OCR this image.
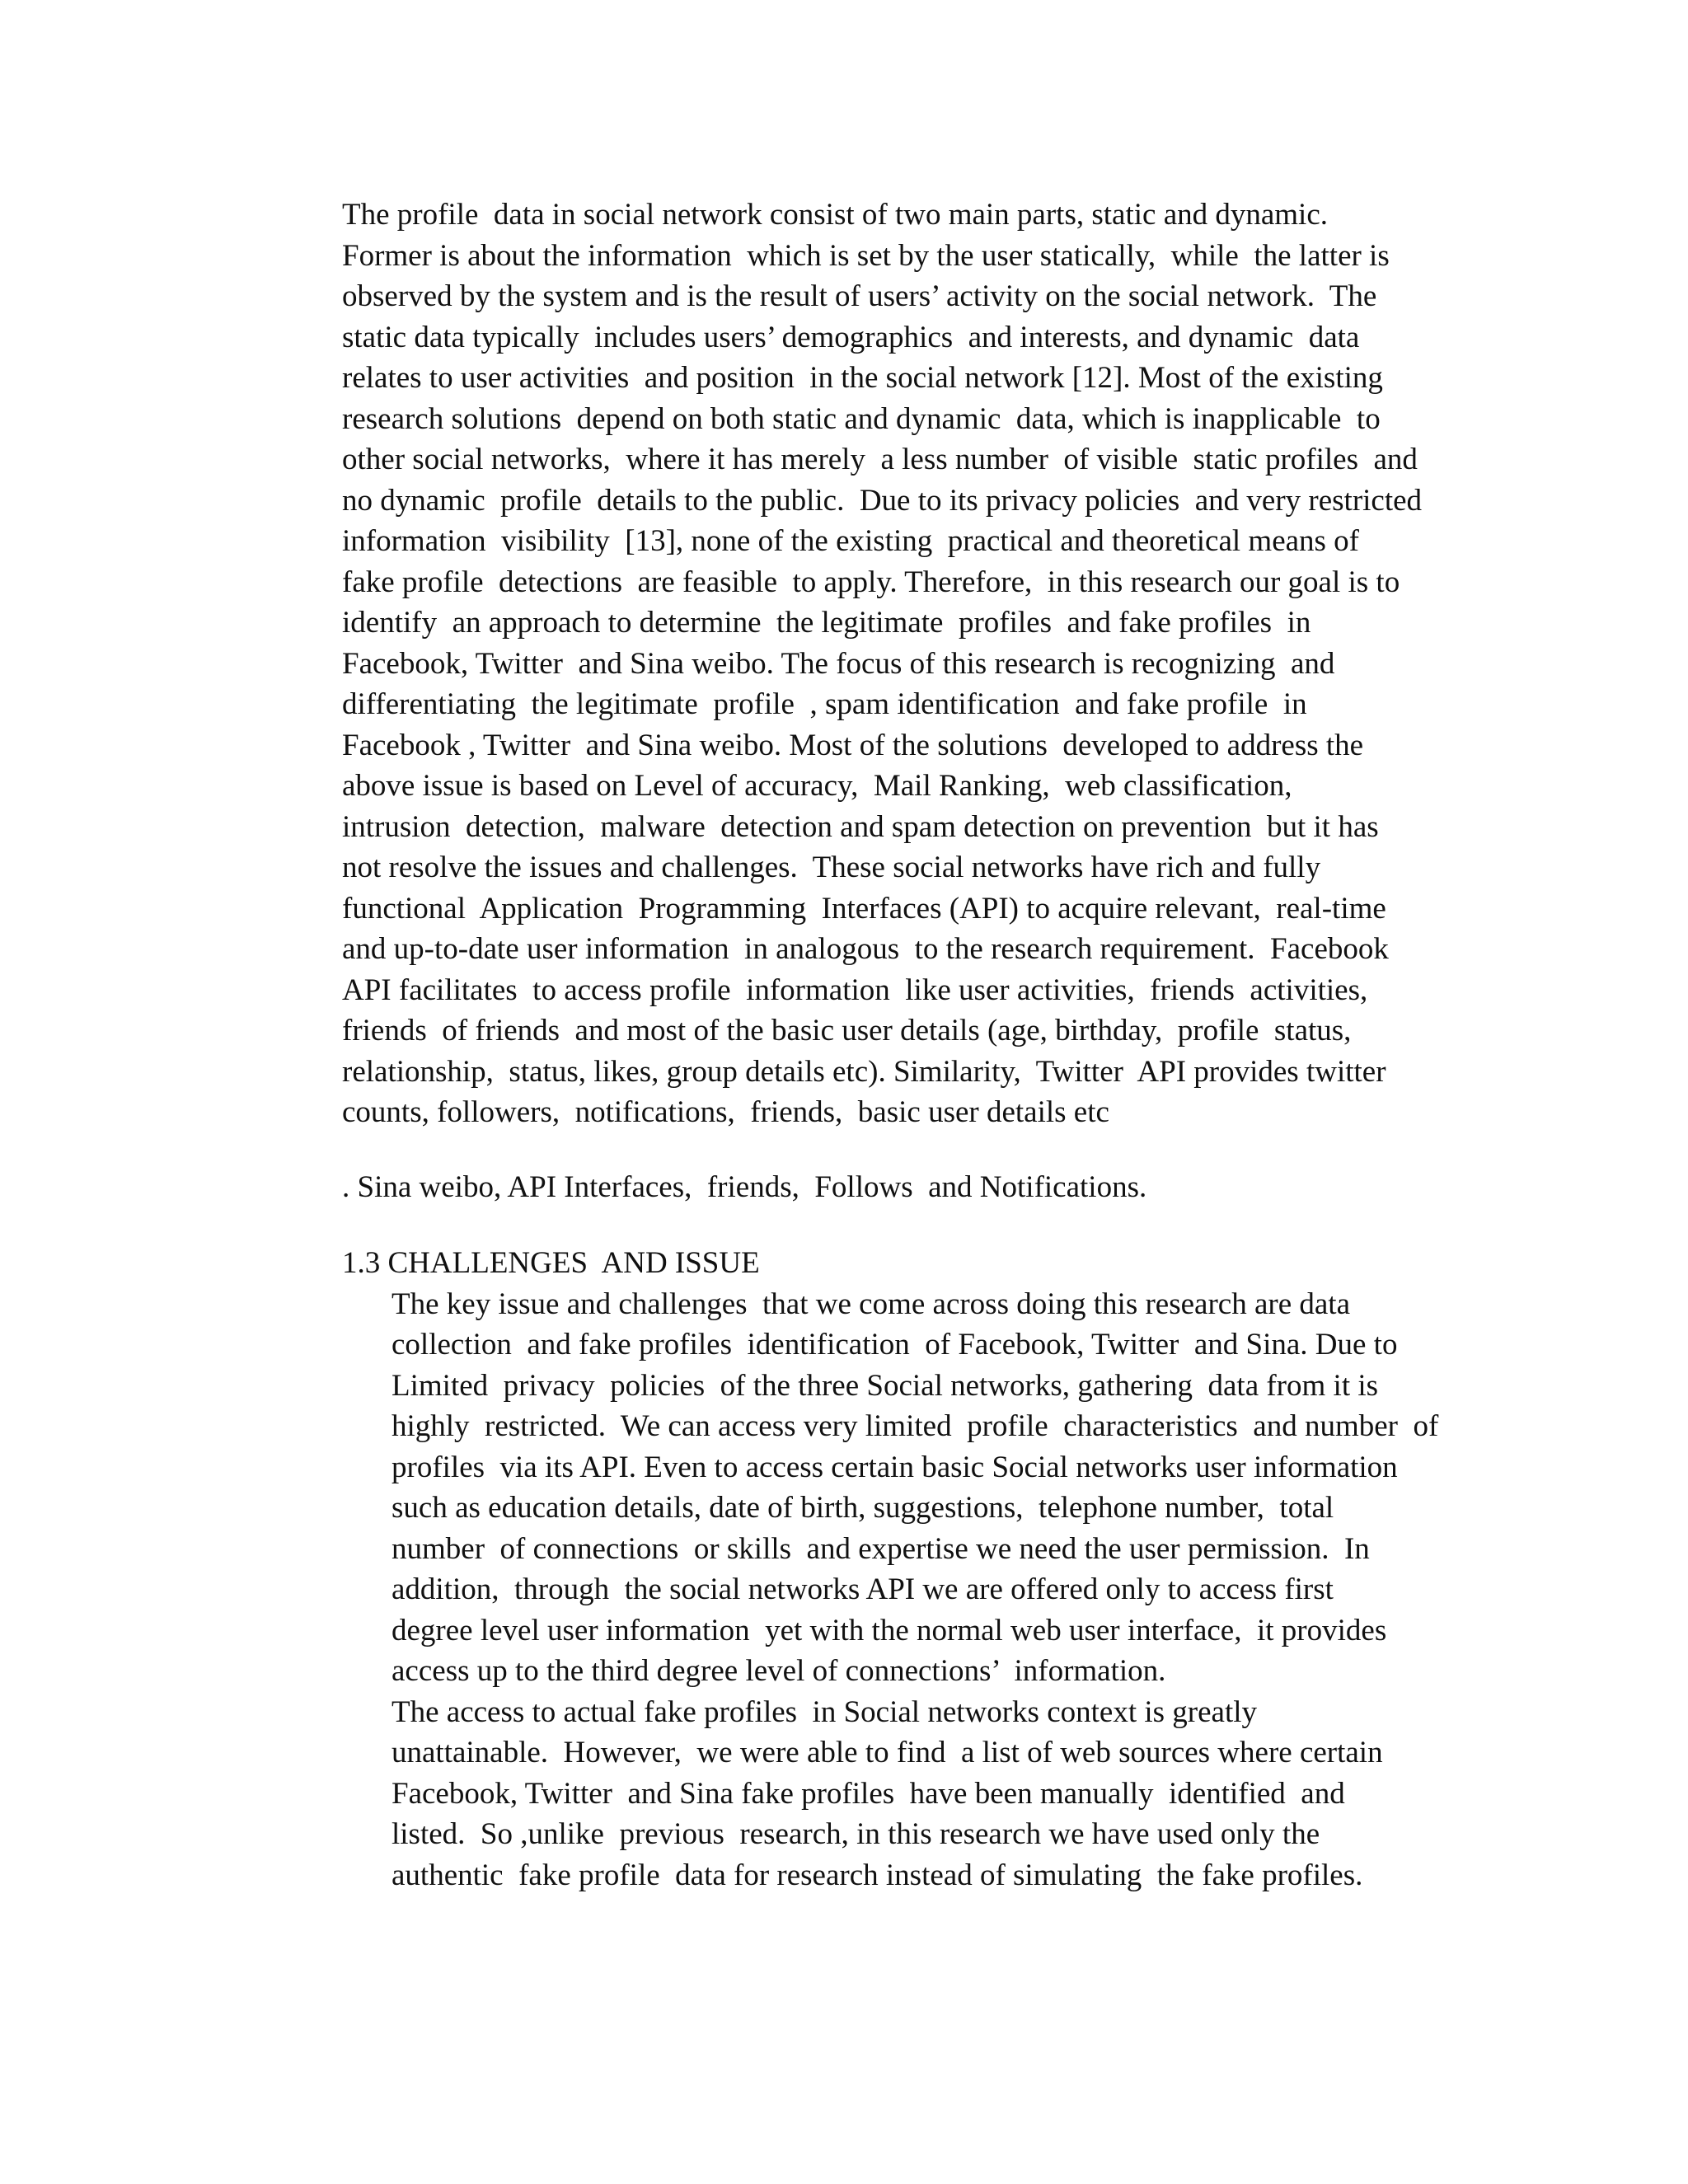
The profile  data in social network consist of two main parts, static and dynamic.

Former is about the information  which is set by the user statically,  while  the latter is

observed by the system and is the result of users’ activity on the social network.  The

static data typically  includes users’ demographics  and interests, and dynamic  data

relates to user activities  and position  in the social network [12]. Most of the existing

research solutions  depend on both static and dynamic  data, which is inapplicable  to

other social networks,  where it has merely  a less number  of visible  static profiles  and

no dynamic  profile  details to the public.  Due to its privacy policies  and very restricted

information  visibility  [13], none of the existing  practical and theoretical means of

fake profile  detections  are feasible  to apply. Therefore,  in this research our goal is to

identify  an approach to determine  the legitimate  profiles  and fake profiles  in

Facebook, Twitter  and Sina weibo. The focus of this research is recognizing  and

differentiating  the legitimate  profile  , spam identification  and fake profile  in

Facebook , Twitter  and Sina weibo. Most of the solutions  developed to address the

above issue is based on Level of accuracy,  Mail Ranking,  web classification,

intrusion  detection,  malware  detection and spam detection on prevention  but it has

not resolve the issues and challenges.  These social networks have rich and fully

functional  Application  Programming  Interfaces (API) to acquire relevant,  real-time

and up-to-date user information  in analogous  to the research requirement.  Facebook

API facilitates  to access profile  information  like user activities,  friends  activities,

friends  of friends  and most of the basic user details (age, birthday,  profile  status,

relationship,  status, likes, group details etc). Similarity,  Twitter  API provides twitter

counts, followers,  notifications,  friends,  basic user details etc

. Sina weibo, API Interfaces,  friends,  Follows  and Notifications.

1.3 CHALLENGES  AND ISSUE

The key issue and challenges  that we come across doing this research are data

collection  and fake profiles  identification  of Facebook, Twitter  and Sina. Due to

Limited  privacy  policies  of the three Social networks, gathering  data from it is

highly  restricted.  We can access very limited  profile  characteristics  and number  of

profiles  via its API. Even to access certain basic Social networks user information

such as education details, date of birth, suggestions,  telephone number,  total

number  of connections  or skills  and expertise we need the user permission.  In

addition,  through  the social networks API we are offered only to access first

degree level user information  yet with the normal web user interface,  it provides

access up to the third degree level of connections’  information.

The access to actual fake profiles  in Social networks context is greatly

unattainable.  However,  we were able to find  a list of web sources where certain

Facebook, Twitter  and Sina fake profiles  have been manually  identified  and

listed.  So ,unlike  previous  research, in this research we have used only the

authentic  fake profile  data for research instead of simulating  the fake profiles.
